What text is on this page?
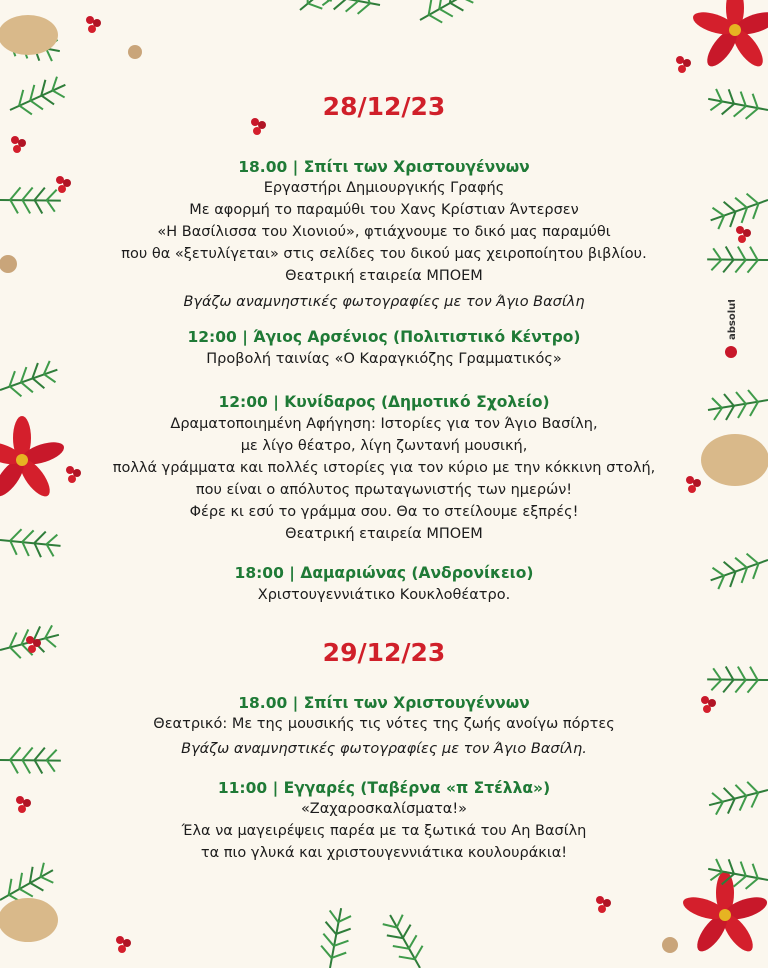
absolut
28/12/23
18.00 | Σπίτι των Χριστουγέννων
Εργαστήρι Δημιουργικής Γραφής
Με αφορμή το παραμύθι του Χανς Κρίστιαν Άντερσεν
«Η Βασίλισσα του Χιονιού», φτιάχνουμε το δικό μας παραμύθι
που θα «ξετυλίγεται» στις σελίδες του δικού μας χειροποίητου βιβλίου.
Θεατρική εταιρεία ΜΠΟΕΜ
Βγάζω αναμνηστικές φωτογραφίες με τον Άγιο Βασίλη
12:00 | Άγιος Αρσένιος (Πολιτιστικό Κέντρο)
Προβολή ταινίας «Ο Καραγκιόζης Γραμματικός»
12:00 | Κυνίδαρος (Δημοτικό Σχολείο)
Δραματοποιημένη Αφήγηση: Ιστορίες για τον Άγιο Βασίλη,
με λίγο θέατρο, λίγη ζωντανή μουσική,
πολλά γράμματα και πολλές ιστορίες για τον κύριο με την κόκκινη στολή,
που είναι ο απόλυτος πρωταγωνιστής των ημερών!
Φέρε κι εσύ το γράμμα σου. Θα το στείλουμε εξπρές!
Θεατρική εταιρεία ΜΠΟΕΜ
18:00 | Δαμαριώνας (Ανδρονίκειο)
Χριστουγεννιάτικο Κουκλοθέατρο.
29/12/23
18.00 | Σπίτι των Χριστουγέννων
Θεατρικό: Με της μουσικής τις νότες της ζωής ανοίγω πόρτες
Βγάζω αναμνηστικές φωτογραφίες με τον Άγιο Βασίλη.
11:00 | Εγγαρές (Ταβέρνα «π Στέλλα»)
«Ζαχαροσκαλίσματα!»
Έλα να μαγειρέψεις παρέα με τα ξωτικά του Αη Βασίλη
τα πιο γλυκά και χριστουγεννιάτικα κουλουράκια!
